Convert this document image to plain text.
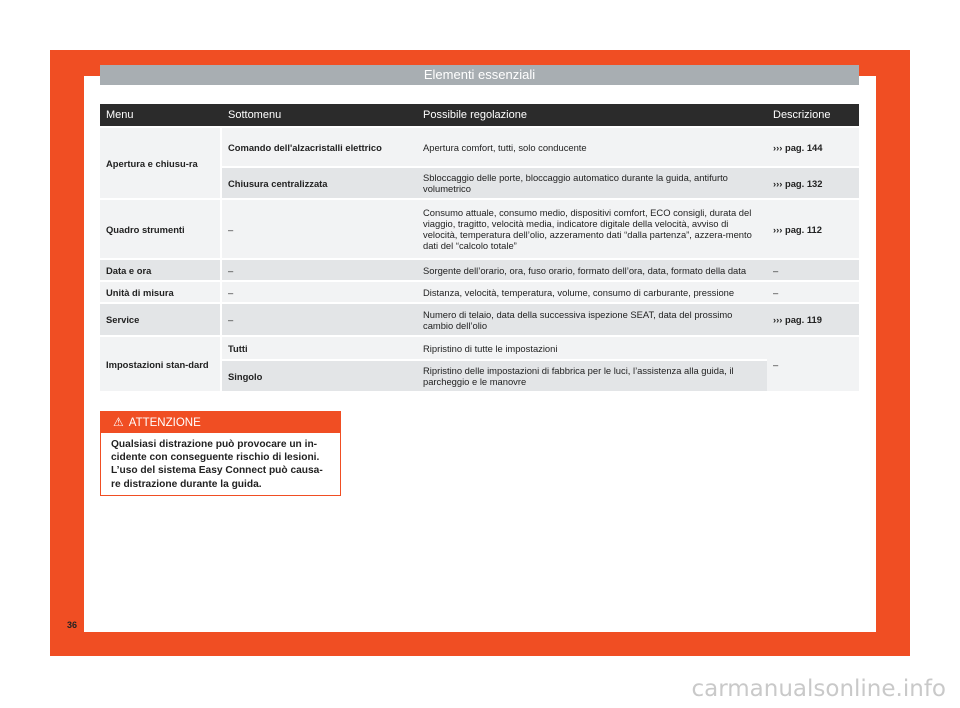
Elementi essenziali
Menu	Sottomenu	Possibile regolazione	Descrizione
Apertura e chiusu-ra	Comando dell'alzacristalli elettrico	Apertura comfort, tutti, solo conducente	››› pag. 144
	Chiusura centralizzata	Sbloccaggio delle porte, bloccaggio automatico durante la guida, antifurto volumetrico	››› pag. 132
Quadro strumenti	–	Consumo attuale, consumo medio, dispositivi comfort, ECO consigli, durata del viaggio, tragitto, velocità media, indicatore digitale della velocità, avviso di velocità, temperatura dell’olio, azzeramento dati “dalla partenza”, azzera-mento dati del “calcolo totale”	››› pag. 112
Data e ora	–	Sorgente dell’orario, ora, fuso orario, formato dell’ora, data, formato della data	–
Unità di misura	–	Distanza, velocità, temperatura, volume, consumo di carburante, pressione	–
Service	–	Numero di telaio, data della successiva ispezione SEAT, data del prossimo cambio dell’olio	››› pag. 119
Impostazioni stan-dard	Tutti	Ripristino di tutte le impostazioni	–
	Singolo	Ripristino delle impostazioni di fabbrica per le luci, l’assistenza alla guida, il parcheggio e le manovre	
⚠ ATTENZIONE
Qualsiasi distrazione può provocare un in-cidente con conseguente rischio di lesioni. L’uso del sistema Easy Connect può causa-re distrazione durante la guida.
36
carmanualsonline.info
